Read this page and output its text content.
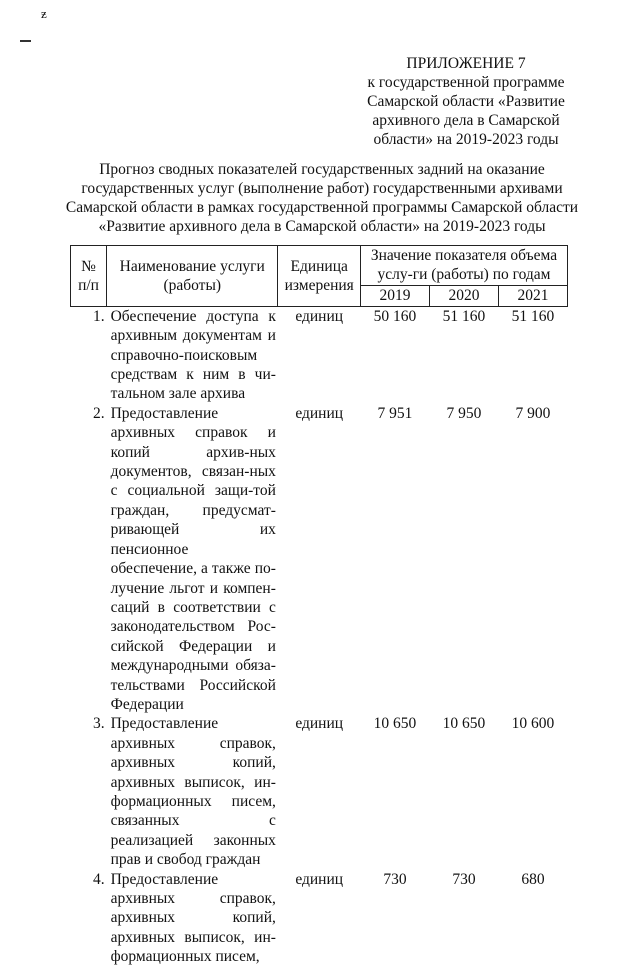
ƶ
ПРИЛОЖЕНИЕ 7
к государственной программе Самарской области «Развитие архивного дела в Самарской области» на 2019-2023 годы
Прогноз сводных показателей государственных задний на оказание государственных услуг (выполнение работ) государственными архивами Самарской области в рамках государственной программы Самарской области «Развитие архивного дела в Самарской области» на 2019-2023 годы
№ п/п	Наименование услуги (работы)	Единица измерения	Значение показателя объема услу-ги (работы) по годам		
			2019	2020	2021
1.	Обеспечение доступа к архивным документам и справочно-поисковым средствам к ним в чи-тальном зале архива	единиц	50 160	51 160	51 160
2.	Предоставление архивных справок и копий архив-ных документов, связан-ных с социальной защи-той граждан, предусмат-ривающей их пенсионное обеспечение, а также по-лучение льгот и компен-саций в соответствии с законодательством Рос-сийской Федерации и международными обяза-тельствами Российской Федерации	единиц	7 951	7 950	7 900
3.	Предоставление архивных справок, архивных копий, архивных выписок, ин-формационных писем, связанных с реализацией законных прав и свобод граждан	единиц	10 650	10 650	10 600
4.	Предоставление архивных справок, архивных копий, архивных выписок, ин-формационных писем,	единиц	730	730	680
